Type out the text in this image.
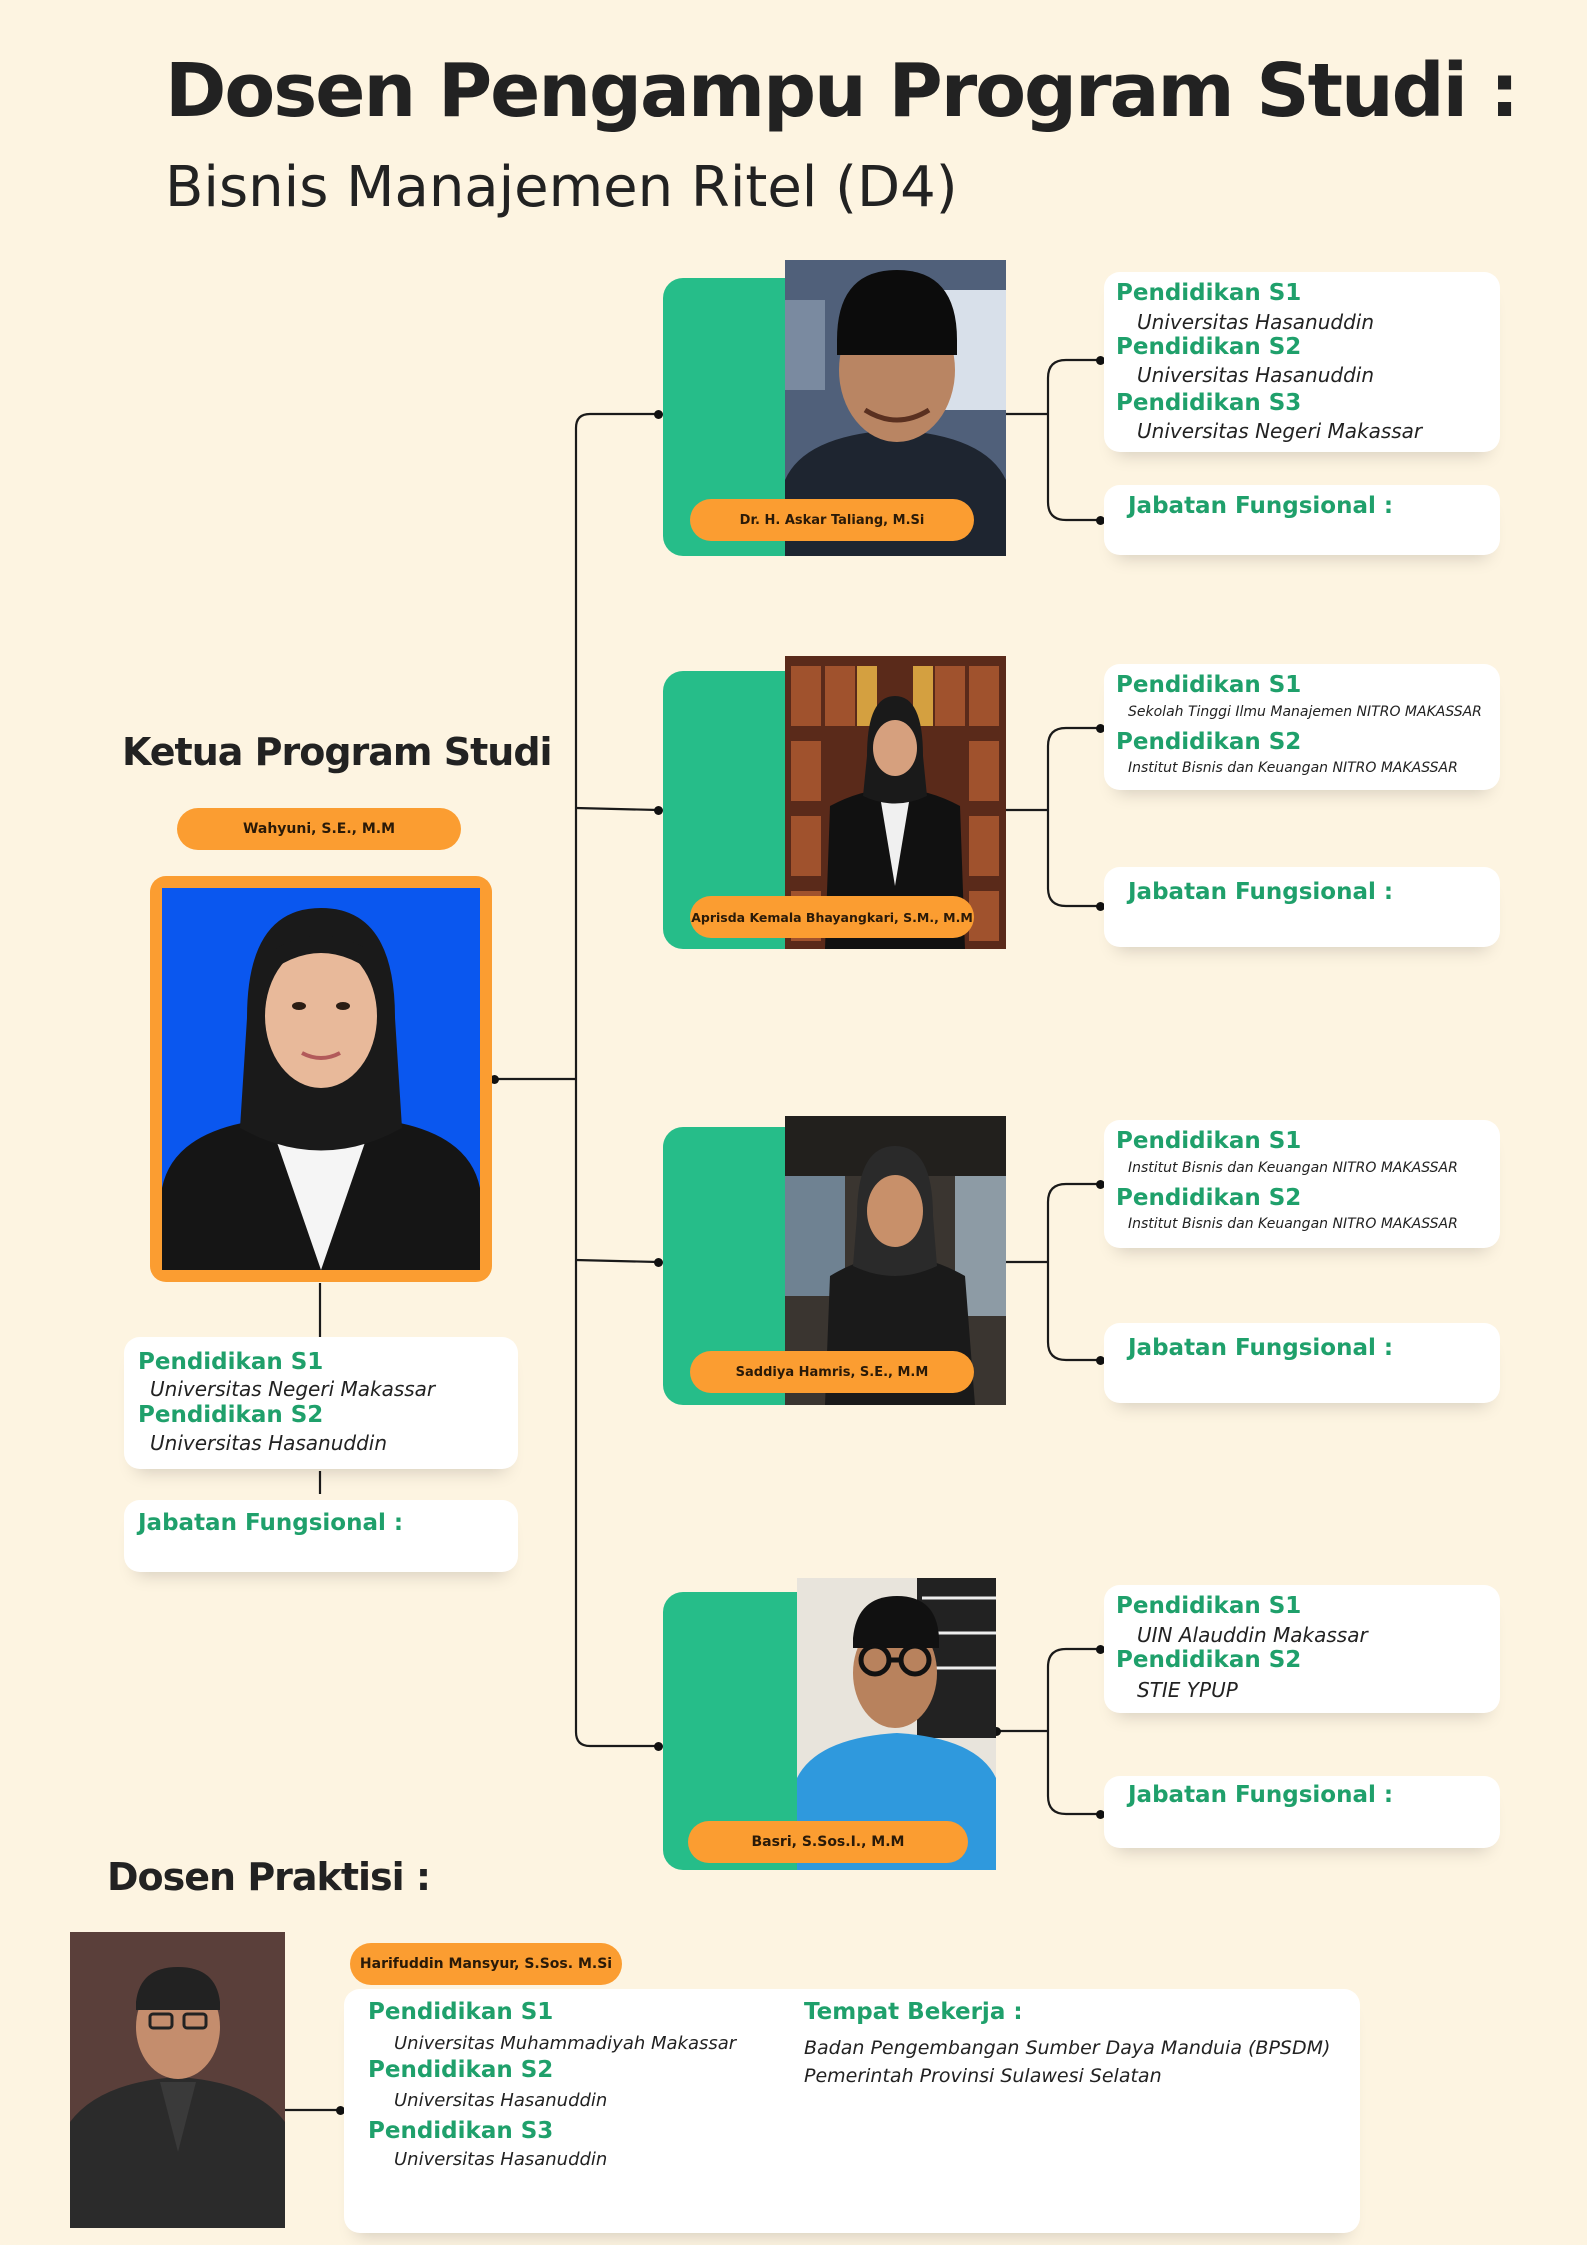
Dosen Pengampu Program Studi :
Bisnis Manajemen Ritel (D4)
Ketua Program Studi
Wahyuni, S.E., M.M
Pendidikan S1
Universitas Negeri Makassar
Pendidikan S2
Universitas Hasanuddin
Jabatan Fungsional :
Dr. H. Askar Taliang, M.Si
Pendidikan S1
Universitas Hasanuddin
Pendidikan S2
Universitas Hasanuddin
Pendidikan S3
Universitas Negeri Makassar
Jabatan Fungsional :
Aprisda Kemala Bhayangkari, S.M., M.M
Pendidikan S1
Sekolah Tinggi Ilmu Manajemen NITRO MAKASSAR
Pendidikan S2
Institut Bisnis dan Keuangan NITRO MAKASSAR
Jabatan Fungsional :
Saddiya Hamris, S.E., M.M
Pendidikan S1
Institut Bisnis dan Keuangan NITRO MAKASSAR
Pendidikan S2
Institut Bisnis dan Keuangan NITRO MAKASSAR
Jabatan Fungsional :
Basri, S.Sos.I., M.M
Pendidikan S1
UIN Alauddin Makassar
Pendidikan S2
STIE YPUP
Jabatan Fungsional :
Dosen Praktisi :
Harifuddin Mansyur, S.Sos. M.Si
Pendidikan S1
Universitas Muhammadiyah Makassar
Pendidikan S2
Universitas Hasanuddin
Pendidikan S3
Universitas Hasanuddin
Tempat Bekerja :
Badan Pengembangan Sumber Daya Manduia (BPSDM)
Pemerintah Provinsi Sulawesi Selatan
